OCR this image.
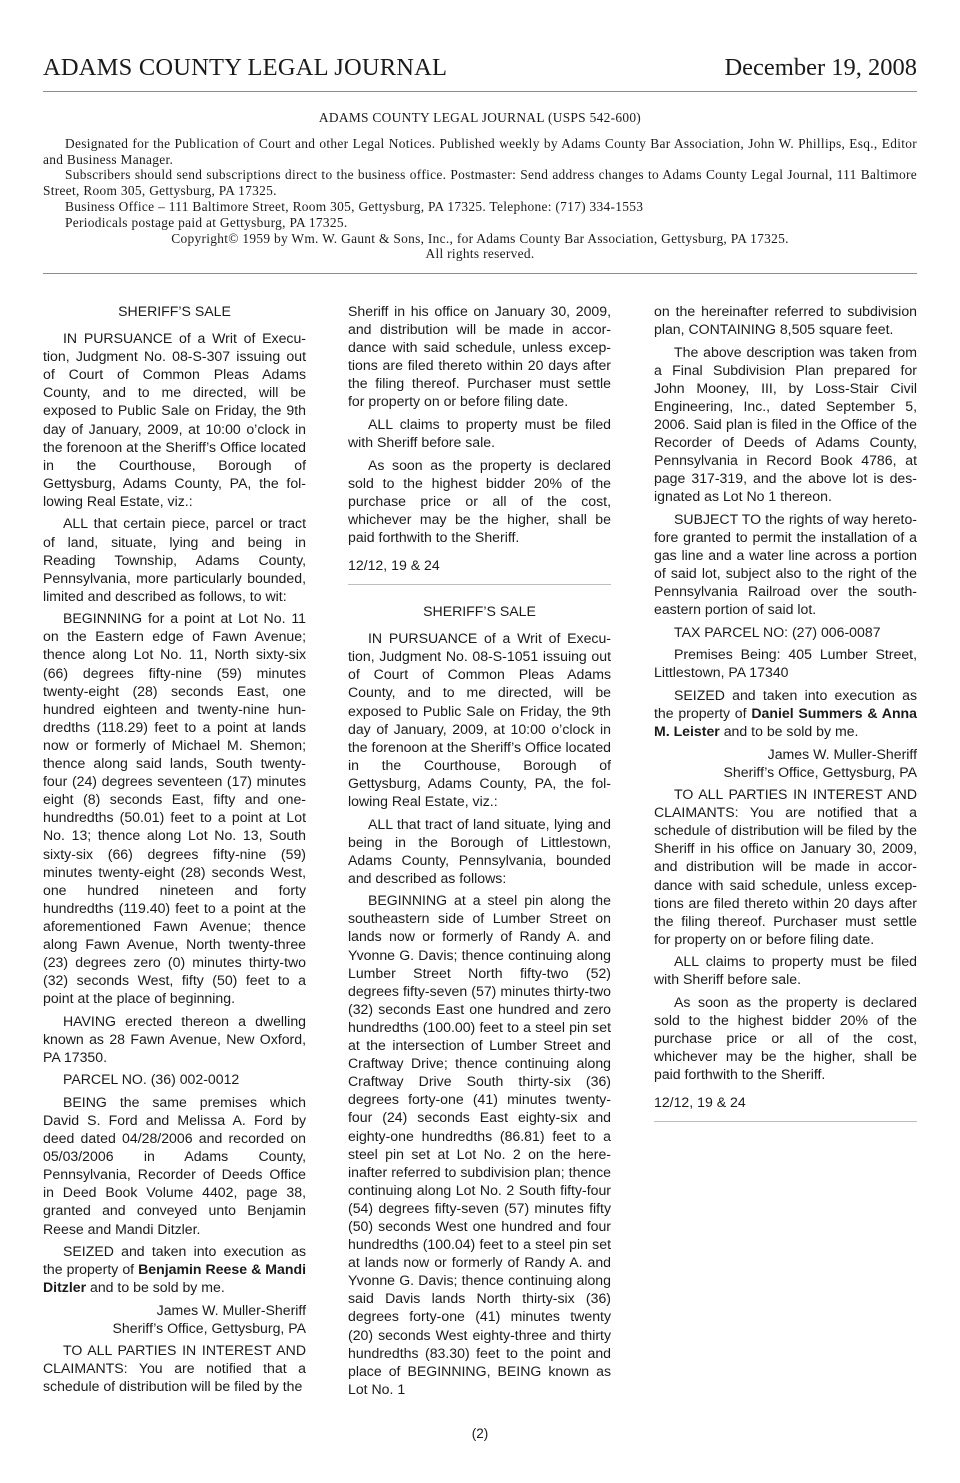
ADAMS COUNTY LEGAL JOURNAL	December 19, 2008

ADAMS COUNTY LEGAL JOURNAL (USPS 542-600)

Designated for the Publication of Court and other Legal Notices. Published weekly by Adams County Bar Association, John W. Phillips, Esq., Editor and Business Manager.

Subscribers should send subscriptions direct to the business office. Postmaster: Send address changes to Adams County Legal Journal, 111 Baltimore Street, Room 305, Gettysburg, PA 17325.

Business Office – 111 Baltimore Street, Room 305, Gettysburg, PA 17325. Telephone: (717) 334-1553

Periodicals postage paid at Gettysburg, PA 17325.

Copyright© 1959 by Wm. W. Gaunt & Sons, Inc., for Adams County Bar Association, Gettysburg, PA 17325.

All rights reserved.

SHERIFF’S SALE

IN PURSUANCE of a Writ of Execution, Judgment No. 08-S-307 issuing out of Court of Common Pleas Adams County, and to me directed, will be exposed to Public Sale on Friday, the 9th day of January, 2009, at 10:00 o’clock in the forenoon at the Sheriff’s Office located in the Courthouse, Borough of Gettysburg, Adams County, PA, the following Real Estate, viz.:

ALL that certain piece, parcel or tract of land, situate, lying and being in Reading Township, Adams County, Pennsylvania, more particularly bounded, limited and described as follows, to wit:

BEGINNING for a point at Lot No. 11 on the Eastern edge of Fawn Avenue; thence along Lot No. 11, North sixty-six (66) degrees fifty-nine (59) minutes twenty-eight (28) seconds East, one hundred eighteen and twenty-nine hundredths (118.29) feet to a point at lands now or formerly of Michael M. Shemon; thence along said lands, South twenty-four (24) degrees seventeen (17) minutes eight (8) seconds East, fifty and one-hundredths (50.01) feet to a point at Lot No. 13; thence along Lot No. 13, South sixty-six (66) degrees fifty-nine (59) minutes twenty-eight (28) seconds West, one hundred nineteen and forty hundredths (119.40) feet to a point at the aforementioned Fawn Avenue; thence along Fawn Avenue, North twenty-three (23) degrees zero (0) minutes thirty-two (32) seconds West, fifty (50) feet to a point at the place of beginning.

HAVING erected thereon a dwelling known as 28 Fawn Avenue, New Oxford, PA 17350.

PARCEL NO. (36) 002-0012

BEING the same premises which David S. Ford and Melissa A. Ford by deed dated 04/28/2006 and recorded on 05/03/2006 in Adams County, Pennsylvania, Recorder of Deeds Office in Deed Book Volume 4402, page 38, granted and conveyed unto Benjamin Reese and Mandi Ditzler.

SEIZED and taken into execution as the property of Benjamin Reese & Mandi Ditzler and to be sold by me.

James W. Muller-Sheriff

Sheriff’s Office, Gettysburg, PA

TO ALL PARTIES IN INTEREST AND CLAIMANTS: You are notified that a schedule of distribution will be filed by the

Sheriff in his office on January 30, 2009, and distribution will be made in accordance with said schedule, unless exceptions are filed thereto within 20 days after the filing thereof. Purchaser must settle for property on or before filing date.

ALL claims to property must be filed with Sheriff before sale.

As soon as the property is declared sold to the highest bidder 20% of the purchase price or all of the cost, whichever may be the higher, shall be paid forthwith to the Sheriff.

12/12, 19 & 24

SHERIFF’S SALE

IN PURSUANCE of a Writ of Execution, Judgment No. 08-S-1051 issuing out of Court of Common Pleas Adams County, and to me directed, will be exposed to Public Sale on Friday, the 9th day of January, 2009, at 10:00 o’clock in the forenoon at the Sheriff’s Office located in the Courthouse, Borough of Gettysburg, Adams County, PA, the following Real Estate, viz.:

ALL that tract of land situate, lying and being in the Borough of Littlestown, Adams County, Pennsylvania, bounded and described as follows:

BEGINNING at a steel pin along the southeastern side of Lumber Street on lands now or formerly of Randy A. and Yvonne G. Davis; thence continuing along Lumber Street North fifty-two (52) degrees fifty-seven (57) minutes thirty-two (32) seconds East one hundred and zero hundredths (100.00) feet to a steel pin set at the intersection of Lumber Street and Craftway Drive; thence continuing along Craftway Drive South thirty-six (36) degrees forty-one (41) minutes twenty-four (24) seconds East eighty-six and eighty-one hundredths (86.81) feet to a steel pin set at Lot No. 2 on the hereinafter referred to subdivision plan; thence continuing along Lot No. 2 South fifty-four (54) degrees fifty-seven (57) minutes fifty (50) seconds West one hundred and four hundredths (100.04) feet to a steel pin set at lands now or formerly of Randy A. and Yvonne G. Davis; thence continuing along said Davis lands North thirty-six (36) degrees forty-one (41) minutes twenty (20) seconds West eighty-three and thirty hundredths (83.30) feet to the point and place of BEGINNING, BEING known as Lot No. 1

on the hereinafter referred to subdivision plan, CONTAINING 8,505 square feet.

The above description was taken from a Final Subdivision Plan prepared for John Mooney, III, by Loss-Stair Civil Engineering, Inc., dated September 5, 2006. Said plan is filed in the Office of the Recorder of Deeds of Adams County, Pennsylvania in Record Book 4786, at page 317-319, and the above lot is designated as Lot No 1 thereon.

SUBJECT TO the rights of way heretofore granted to permit the installation of a gas line and a water line across a portion of said lot, subject also to the right of the Pennsylvania Railroad over the southeastern portion of said lot.

TAX PARCEL NO: (27) 006-0087

Premises Being: 405 Lumber Street, Littlestown, PA 17340

SEIZED and taken into execution as the property of Daniel Summers & Anna M. Leister and to be sold by me.

James W. Muller-Sheriff

Sheriff’s Office, Gettysburg, PA

TO ALL PARTIES IN INTEREST AND CLAIMANTS: You are notified that a schedule of distribution will be filed by the Sheriff in his office on January 30, 2009, and distribution will be made in accordance with said schedule, unless exceptions are filed thereto within 20 days after the filing thereof. Purchaser must settle for property on or before filing date.

ALL claims to property must be filed with Sheriff before sale.

As soon as the property is declared sold to the highest bidder 20% of the purchase price or all of the cost, whichever may be the higher, shall be paid forthwith to the Sheriff.

12/12, 19 & 24

(2)
